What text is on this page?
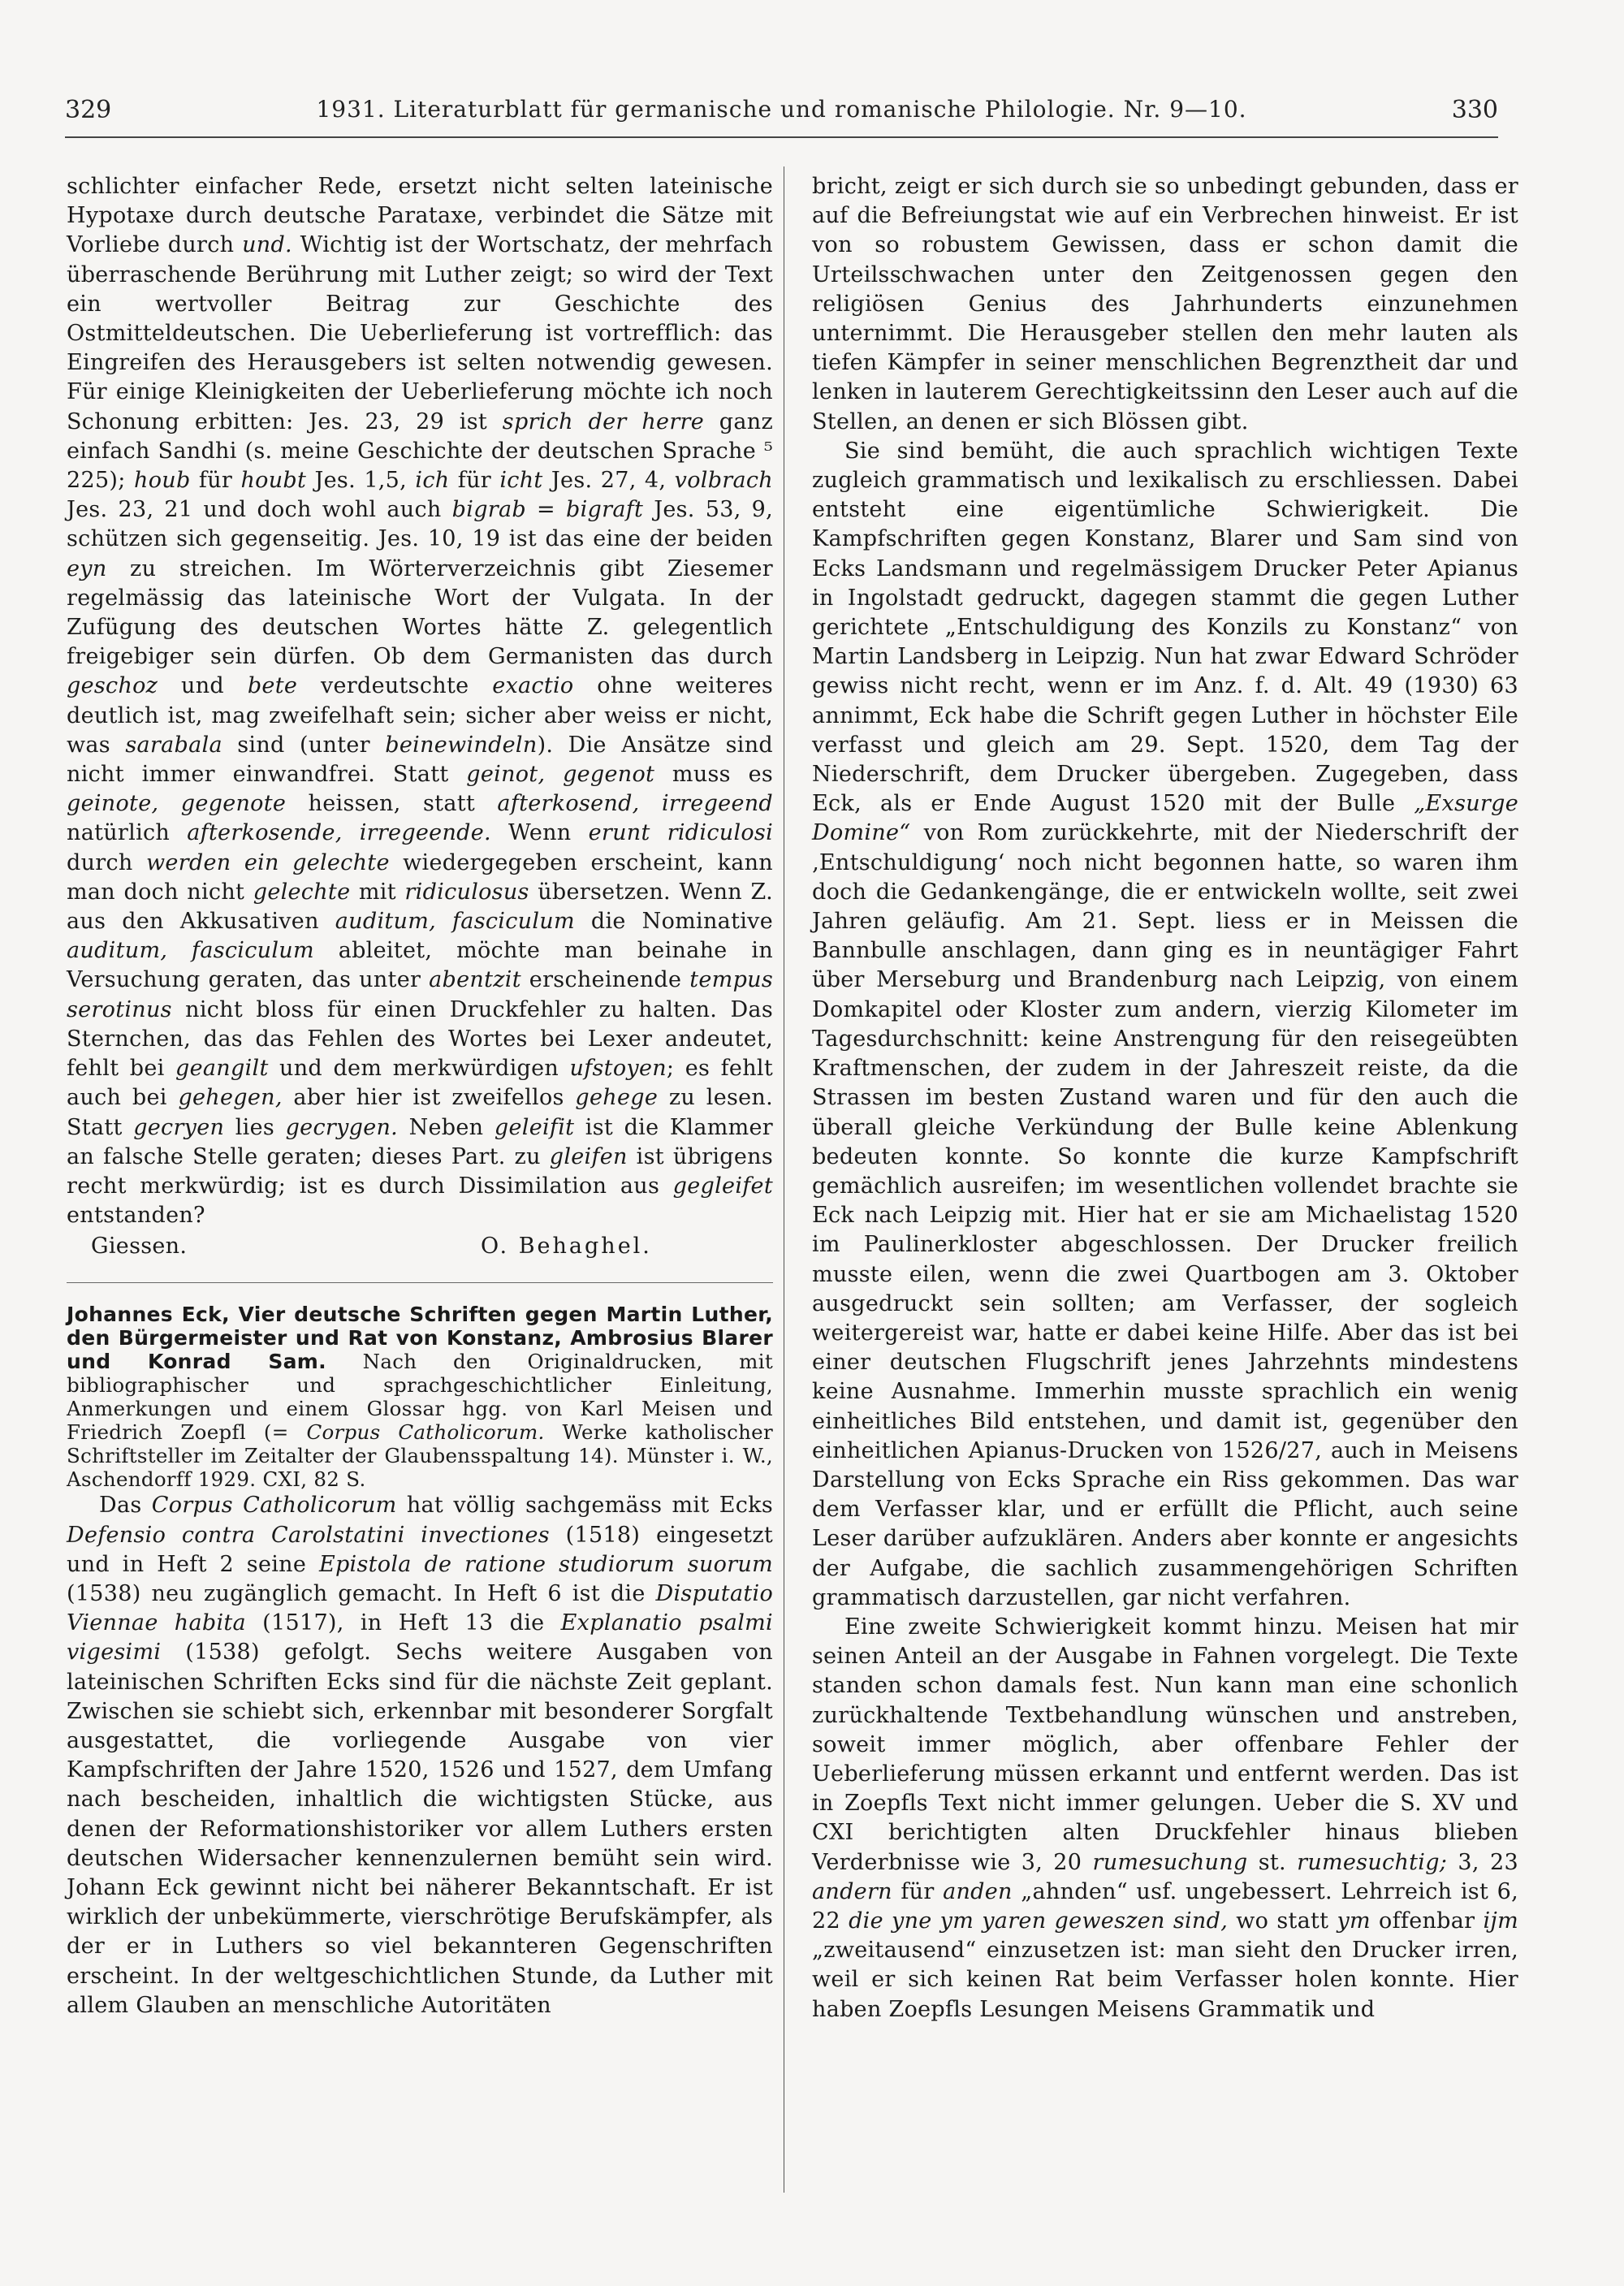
329	1931. Literaturblatt für germanische und romanische Philologie. Nr. 9—10.	330

schlichter einfacher Rede, ersetzt nicht selten lateinische Hypotaxe durch deutsche Parataxe, verbindet die Sätze mit Vorliebe durch und. Wichtig ist der Wortschatz, der mehrfach überraschende Berührung mit Luther zeigt; so wird der Text ein wertvoller Beitrag zur Geschichte des Ostmitteldeutschen. Die Ueberlieferung ist vortrefflich: das Eingreifen des Herausgebers ist selten notwendig gewesen. Für einige Kleinigkeiten der Ueberlieferung möchte ich noch Schonung erbitten: Jes. 23, 29 ist sprich der herre ganz einfach Sandhi (s. meine Geschichte der deutschen Sprache ⁵ 225); houb für houbt Jes. 1,5, ich für icht Jes. 27, 4, volbrach Jes. 23, 21 und doch wohl auch bigrab = bigraft Jes. 53, 9, schützen sich gegenseitig. Jes. 10, 19 ist das eine der beiden eyn zu streichen. Im Wörterverzeichnis gibt Ziesemer regelmässig das lateinische Wort der Vulgata. In der Zufügung des deutschen Wortes hätte Z. gelegentlich freigebiger sein dürfen. Ob dem Germanisten das durch geschoz und bete verdeutschte exactio ohne weiteres deutlich ist, mag zweifelhaft sein; sicher aber weiss er nicht, was sarabala sind (unter beinewindeln). Die Ansätze sind nicht immer einwandfrei. Statt geinot, gegenot muss es geinote, gegenote heissen, statt afterkosend, irregeend natürlich afterkosende, irregeende. Wenn erunt ridiculosi durch werden ein gelechte wiedergegeben erscheint, kann man doch nicht gelechte mit ridiculosus übersetzen. Wenn Z. aus den Akkusativen auditum, fasciculum die Nominative auditum, fasciculum ableitet, möchte man beinahe in Versuchung geraten, das unter abentzit erscheinende tempus serotinus nicht bloss für einen Druckfehler zu halten. Das Sternchen, das das Fehlen des Wortes bei Lexer andeutet, fehlt bei geangilt und dem merkwürdigen ufstoyen; es fehlt auch bei gehegen, aber hier ist zweifellos gehege zu lesen. Statt gecryen lies gecrygen. Neben geleifit ist die Klammer an falsche Stelle geraten; dieses Part. zu gleifen ist übrigens recht merkwürdig; ist es durch Dissimilation aus gegleifet entstanden?

Giessen.	O. Behaghel.

Johannes Eck, Vier deutsche Schriften gegen Martin Luther, den Bürgermeister und Rat von Konstanz, Ambrosius Blarer und Konrad Sam. Nach den Originaldrucken, mit bibliographischer und sprachgeschichtlicher Einleitung, Anmerkungen und einem Glossar hgg. von Karl Meisen und Friedrich Zoepfl (= Corpus Catholicorum. Werke katholischer Schriftsteller im Zeitalter der Glaubensspaltung 14). Münster i. W., Aschendorff 1929. CXI, 82 S.

Das Corpus Catholicorum hat völlig sachgemäss mit Ecks Defensio contra Carolstatini invectiones (1518) eingesetzt und in Heft 2 seine Epistola de ratione studiorum suorum (1538) neu zugänglich gemacht. In Heft 6 ist die Disputatio Viennae habita (1517), in Heft 13 die Explanatio psalmi vigesimi (1538) gefolgt. Sechs weitere Ausgaben von lateinischen Schriften Ecks sind für die nächste Zeit geplant. Zwischen sie schiebt sich, erkennbar mit besonderer Sorgfalt ausgestattet, die vorliegende Ausgabe von vier Kampfschriften der Jahre 1520, 1526 und 1527, dem Umfang nach bescheiden, inhaltlich die wichtigsten Stücke, aus denen der Reformationshistoriker vor allem Luthers ersten deutschen Widersacher kennenzulernen bemüht sein wird. Johann Eck gewinnt nicht bei näherer Bekanntschaft. Er ist wirklich der unbekümmerte, vierschrötige Berufskämpfer, als der er in Luthers so viel bekannteren Gegenschriften erscheint. In der weltgeschichtlichen Stunde, da Luther mit allem Glauben an menschliche Autoritäten

bricht, zeigt er sich durch sie so unbedingt gebunden, dass er auf die Befreiungstat wie auf ein Verbrechen hinweist. Er ist von so robustem Gewissen, dass er schon damit die Urteilsschwachen unter den Zeitgenossen gegen den religiösen Genius des Jahrhunderts einzunehmen unternimmt. Die Herausgeber stellen den mehr lauten als tiefen Kämpfer in seiner menschlichen Begrenztheit dar und lenken in lauterem Gerechtigkeitssinn den Leser auch auf die Stellen, an denen er sich Blössen gibt.

Sie sind bemüht, die auch sprachlich wichtigen Texte zugleich grammatisch und lexikalisch zu erschliessen. Dabei entsteht eine eigentümliche Schwierigkeit. Die Kampfschriften gegen Konstanz, Blarer und Sam sind von Ecks Landsmann und regelmässigem Drucker Peter Apianus in Ingolstadt gedruckt, dagegen stammt die gegen Luther gerichtete „Entschuldigung des Konzils zu Konstanz“ von Martin Landsberg in Leipzig. Nun hat zwar Edward Schröder gewiss nicht recht, wenn er im Anz. f. d. Alt. 49 (1930) 63 annimmt, Eck habe die Schrift gegen Luther in höchster Eile verfasst und gleich am 29. Sept. 1520, dem Tag der Niederschrift, dem Drucker übergeben. Zugegeben, dass Eck, als er Ende August 1520 mit der Bulle „Exsurge Domine“ von Rom zurückkehrte, mit der Niederschrift der ‚Entschuldigung‘ noch nicht begonnen hatte, so waren ihm doch die Gedankengänge, die er entwickeln wollte, seit zwei Jahren geläufig. Am 21. Sept. liess er in Meissen die Bannbulle anschlagen, dann ging es in neuntägiger Fahrt über Merseburg und Brandenburg nach Leipzig, von einem Domkapitel oder Kloster zum andern, vierzig Kilometer im Tagesdurchschnitt: keine Anstrengung für den reisegeübten Kraftmenschen, der zudem in der Jahreszeit reiste, da die Strassen im besten Zustand waren und für den auch die überall gleiche Verkündung der Bulle keine Ablenkung bedeuten konnte. So konnte die kurze Kampfschrift gemächlich ausreifen; im wesentlichen vollendet brachte sie Eck nach Leipzig mit. Hier hat er sie am Michaelistag 1520 im Paulinerkloster abgeschlossen. Der Drucker freilich musste eilen, wenn die zwei Quartbogen am 3. Oktober ausgedruckt sein sollten; am Verfasser, der sogleich weitergereist war, hatte er dabei keine Hilfe. Aber das ist bei einer deutschen Flugschrift jenes Jahrzehnts mindestens keine Ausnahme. Immerhin musste sprachlich ein wenig einheitliches Bild entstehen, und damit ist, gegenüber den einheitlichen Apianus-Drucken von 1526/27, auch in Meisens Darstellung von Ecks Sprache ein Riss gekommen. Das war dem Verfasser klar, und er erfüllt die Pflicht, auch seine Leser darüber aufzuklären. Anders aber konnte er angesichts der Aufgabe, die sachlich zusammengehörigen Schriften grammatisch darzustellen, gar nicht verfahren.

Eine zweite Schwierigkeit kommt hinzu. Meisen hat mir seinen Anteil an der Ausgabe in Fahnen vorgelegt. Die Texte standen schon damals fest. Nun kann man eine schonlich zurückhaltende Textbehandlung wünschen und anstreben, soweit immer möglich, aber offenbare Fehler der Ueberlieferung müssen erkannt und entfernt werden. Das ist in Zoepfls Text nicht immer gelungen. Ueber die S. XV und CXI berichtigten alten Druckfehler hinaus blieben Verderbnisse wie 3, 20 rumesuchung st. rumesuchtig; 3, 23 andern für anden „ahnden“ usf. ungebessert. Lehrreich ist 6, 22 die yne ym yaren geweszen sind, wo statt ym offenbar ijm „zweitausend“ einzusetzen ist: man sieht den Drucker irren, weil er sich keinen Rat beim Verfasser holen konnte. Hier haben Zoepfls Lesungen Meisens Grammatik und
